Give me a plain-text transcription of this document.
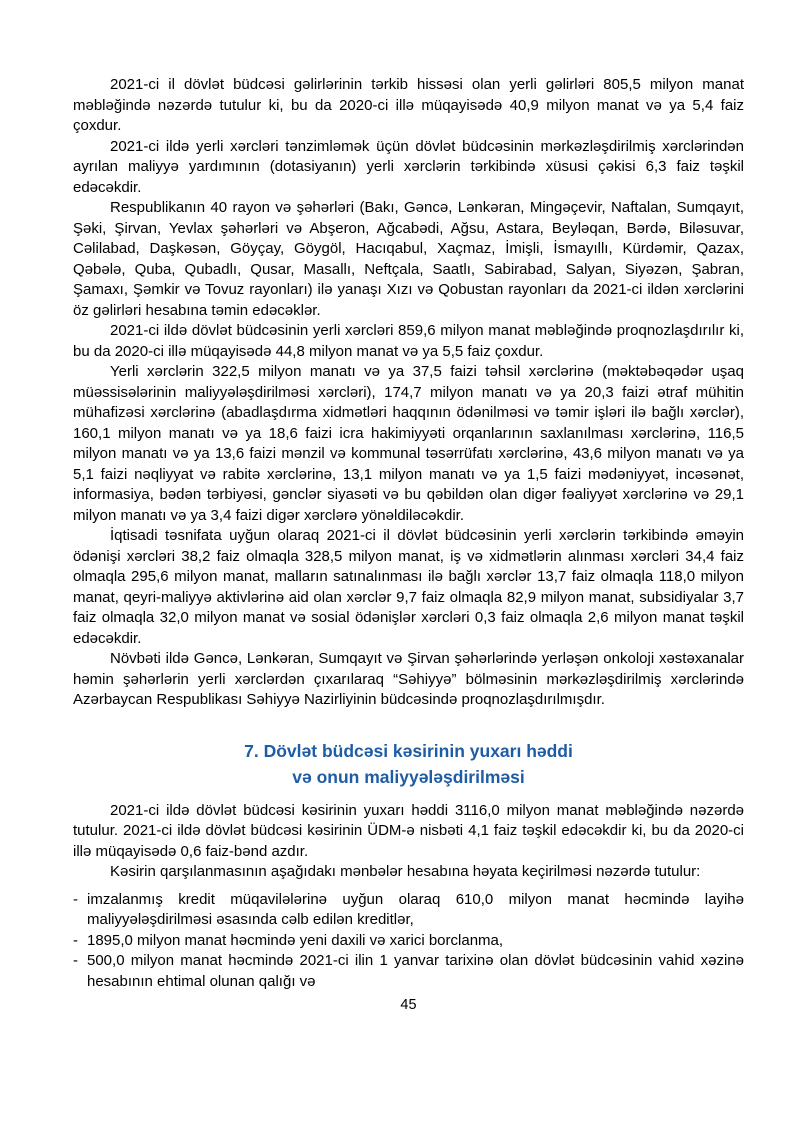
2021-ci il dövlət büdcəsi gəlirlərinin tərkib hissəsi olan yerli gəlirləri 805,5 milyon manat məbləğində nəzərdə tutulur ki, bu da 2020-ci illə müqayisədə 40,9 milyon manat və ya 5,4 faiz çoxdur.

2021-ci ildə yerli xərcləri tənzimləmək üçün dövlət büdcəsinin mərkəzləşdirilmiş xərclərindən ayrılan maliyyə yardımının (dotasiyanın) yerli xərclərin tərkibində xüsusi çəkisi 6,3 faiz təşkil edəcəkdir.

Respublikanın 40 rayon və şəhərləri (Bakı, Gəncə, Lənkəran, Mingəçevir, Naftalan, Sumqayıt, Şəki, Şirvan, Yevlax şəhərləri və Abşeron, Ağcabədi, Ağsu, Astara, Beyləqan, Bərdə, Biləsuvar, Cəlilabad, Daşkəsən, Göyçay, Göygöl, Hacıqabul, Xaçmaz, İmişli, İsmayıllı, Kürdəmir, Qazax, Qəbələ, Quba, Qubadlı, Qusar, Masallı, Neftçala, Saatlı, Sabirabad, Salyan, Siyəzən, Şabran, Şamaxı, Şəmkir və Tovuz rayonları) ilə yanaşı Xızı və Qobustan rayonları da 2021-ci ildən xərclərini öz gəlirləri hesabına təmin edəcəklər.

2021-ci ildə dövlət büdcəsinin yerli xərcləri 859,6 milyon manat məbləğində proqnozlaşdırılır ki, bu da 2020-ci illə müqayisədə 44,8 milyon manat və ya 5,5 faiz çoxdur.

Yerli xərclərin 322,5 milyon manatı və ya 37,5 faizi təhsil xərclərinə (məktəbəqədər uşaq müəssisələrinin maliyyələşdirilməsi xərcləri), 174,7 milyon manatı və ya 20,3 faizi ətraf mühitin mühafizəsi xərclərinə (abadlaşdırma xidmətləri haqqının ödənilməsi və təmir işləri ilə bağlı xərclər), 160,1 milyon manatı və ya 18,6 faizi icra hakimiyyəti orqanlarının saxlanılması xərclərinə, 116,5 milyon manatı və ya 13,6 faizi mənzil və kommunal təsərrüfatı xərclərinə, 43,6 milyon manatı və ya 5,1 faizi nəqliyyat və rabitə xərclərinə, 13,1 milyon manatı və ya 1,5 faizi mədəniyyət, incəsənət, informasiya, bədən tərbiyəsi, gənclər siyasəti və bu qəbildən olan digər fəaliyyət xərclərinə və 29,1 milyon manatı və ya 3,4 faizi digər xərclərə yönəldiləcəkdir.

İqtisadi təsnifata uyğun olaraq 2021-ci il dövlət büdcəsinin yerli xərclərin tərkibində əməyin ödənişi xərcləri 38,2 faiz olmaqla 328,5 milyon manat, iş və xidmətlərin alınması xərcləri 34,4 faiz olmaqla 295,6 milyon manat, malların satınalınması ilə bağlı xərclər 13,7 faiz olmaqla 118,0 milyon manat, qeyri-maliyyə aktivlərinə aid olan xərclər 9,7 faiz olmaqla 82,9 milyon manat, subsidiyalar 3,7 faiz olmaqla 32,0 milyon manat və sosial ödənişlər xərcləri 0,3 faiz olmaqla 2,6 milyon manat təşkil edəcəkdir.

Növbəti ildə Gəncə, Lənkəran, Sumqayıt və Şirvan şəhərlərində yerləşən onkoloji xəstəxanalar həmin şəhərlərin yerli xərclərdən çıxarılaraq “Səhiyyə” bölməsinin mərkəzləşdirilmiş xərclərində Azərbaycan Respublikası Səhiyyə Nazirliyinin büdcəsində proqnozlaşdırılmışdır.

7. Dövlət büdcəsi kəsirinin yuxarı həddi
və onun maliyyələşdirilməsi

2021-ci ildə dövlət büdcəsi kəsirinin yuxarı həddi 3116,0 milyon manat məbləğində nəzərdə tutulur. 2021-ci ildə dövlət büdcəsi kəsirinin ÜDM-ə nisbəti 4,1 faiz təşkil edəcəkdir ki, bu da 2020-ci illə müqayisədə 0,6 faiz-bənd azdır.

Kəsirin qarşılanmasının aşağıdakı mənbələr hesabına həyata keçirilməsi nəzərdə tutulur:

- imzalanmış kredit müqavilələrinə uyğun olaraq 610,0 milyon manat həcmində layihə maliyyələşdirilməsi əsasında cəlb edilən kreditlər,
- 1895,0 milyon manat həcmində yeni daxili və xarici borclanma,
- 500,0 milyon manat həcmində 2021-ci ilin 1 yanvar tarixinə olan dövlət büdcəsinin vahid xəzinə hesabının ehtimal olunan qalığı və
45
